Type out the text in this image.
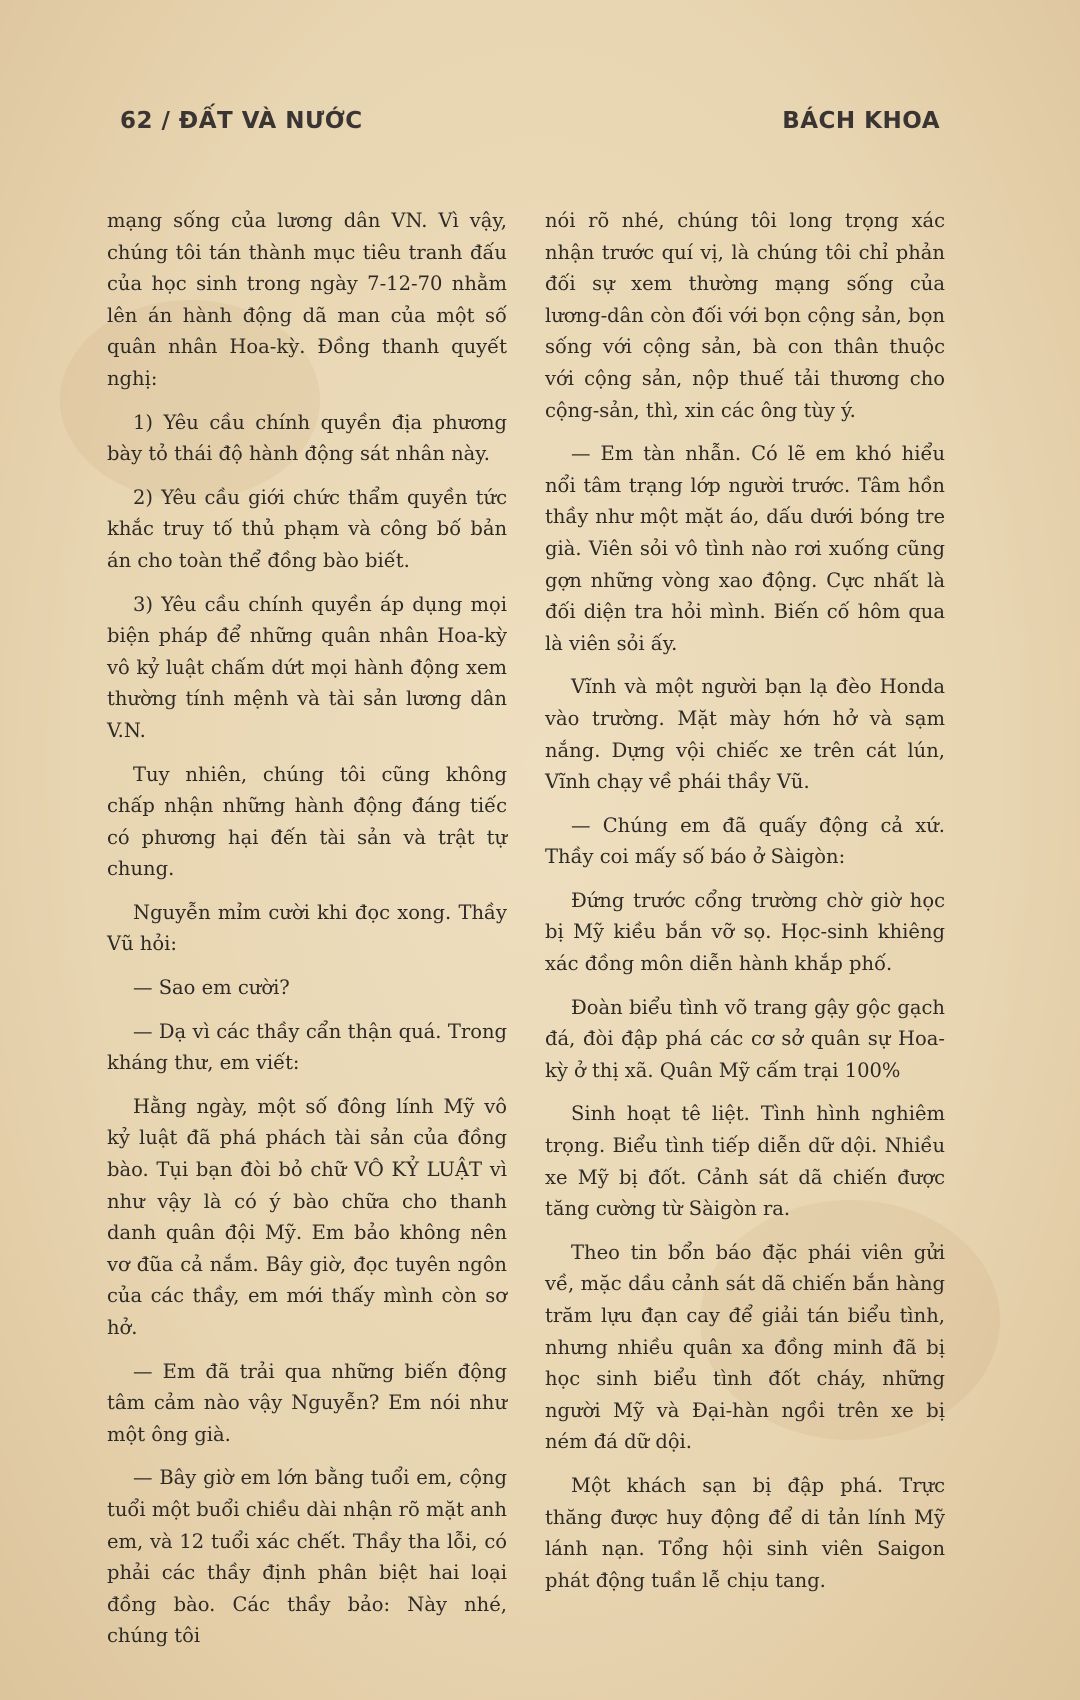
62 / ĐẤT VÀ NƯỚC	BÁCH KHOA

mạng sống của lương dân VN. Vì vậy, chúng tôi tán thành mục tiêu tranh đấu của học sinh trong ngày 7-12-70 nhằm lên án hành động dã man của một số quân nhân Hoa-kỳ. Đồng thanh quyết nghị:

1) Yêu cầu chính quyền địa phương bày tỏ thái độ hành động sát nhân này.

2) Yêu cầu giới chức thẩm quyền tức khắc truy tố thủ phạm và công bố bản án cho toàn thể đồng bào biết.

3) Yêu cầu chính quyền áp dụng mọi biện pháp để những quân nhân Hoa-kỳ vô kỷ luật chấm dứt mọi hành động xem thường tính mệnh và tài sản lương dân V.N.

Tuy nhiên, chúng tôi cũng không chấp nhận những hành động đáng tiếc có phương hại đến tài sản và trật tự chung.

Nguyễn mỉm cười khi đọc xong. Thầy Vũ hỏi:

— Sao em cười?

— Dạ vì các thầy cẩn thận quá. Trong kháng thư, em viết:

Hằng ngày, một số đông lính Mỹ vô kỷ luật đã phá phách tài sản của đồng bào. Tụi bạn đòi bỏ chữ VÔ KỶ LUẬT vì như vậy là có ý bào chữa cho thanh danh quân đội Mỹ. Em bảo không nên vơ đũa cả nắm. Bây giờ, đọc tuyên ngôn của các thầy, em mới thấy mình còn sơ hở.

— Em đã trải qua những biến động tâm cảm nào vậy Nguyễn? Em nói như một ông già.

— Bây giờ em lớn bằng tuổi em, cộng tuổi một buổi chiều dài nhận rõ mặt anh em, và 12 tuổi xác chết. Thầy tha lỗi, có phải các thầy định phân biệt hai loại đồng bào. Các thầy bảo: Này nhé, chúng tôi

nói rõ nhé, chúng tôi long trọng xác nhận trước quí vị, là chúng tôi chỉ phản đối sự xem thường mạng sống của lương-dân còn đối với bọn cộng sản, bọn sống với cộng sản, bà con thân thuộc với cộng sản, nộp thuế tải thương cho cộng-sản, thì, xin các ông tùy ý.

— Em tàn nhẫn. Có lẽ em khó hiểu nổi tâm trạng lớp người trước. Tâm hồn thầy như một mặt áo, dấu dưới bóng tre già. Viên sỏi vô tình nào rơi xuống cũng gợn những vòng xao động. Cực nhất là đối diện tra hỏi mình. Biến cố hôm qua là viên sỏi ấy.

Vĩnh và một người bạn lạ đèo Honda vào trường. Mặt mày hớn hở và sạm nắng. Dựng vội chiếc xe trên cát lún, Vĩnh chạy về phái thầy Vũ.

— Chúng em đã quấy động cả xứ. Thầy coi mấy số báo ở Sàigòn:

Đứng trước cổng trường chờ giờ học bị Mỹ kiều bắn vỡ sọ. Học-sinh khiêng xác đồng môn diễn hành khắp phố.

Đoàn biểu tình võ trang gậy gộc gạch đá, đòi đập phá các cơ sở quân sự Hoa-kỳ ở thị xã. Quân Mỹ cấm trại 100%

Sinh hoạt tê liệt. Tình hình nghiêm trọng. Biểu tình tiếp diễn dữ dội. Nhiều xe Mỹ bị đốt. Cảnh sát dã chiến được tăng cường từ Sàigòn ra.

Theo tin bổn báo đặc phái viên gửi về, mặc dầu cảnh sát dã chiến bắn hàng trăm lựu đạn cay để giải tán biểu tình, nhưng nhiều quân xa đồng minh đã bị học sinh biểu tình đốt cháy, những người Mỹ và Đại-hàn ngồi trên xe bị ném đá dữ dội.

Một khách sạn bị đập phá. Trực thăng được huy động để di tản lính Mỹ lánh nạn. Tổng hội sinh viên Saigon phát động tuần lễ chịu tang.
